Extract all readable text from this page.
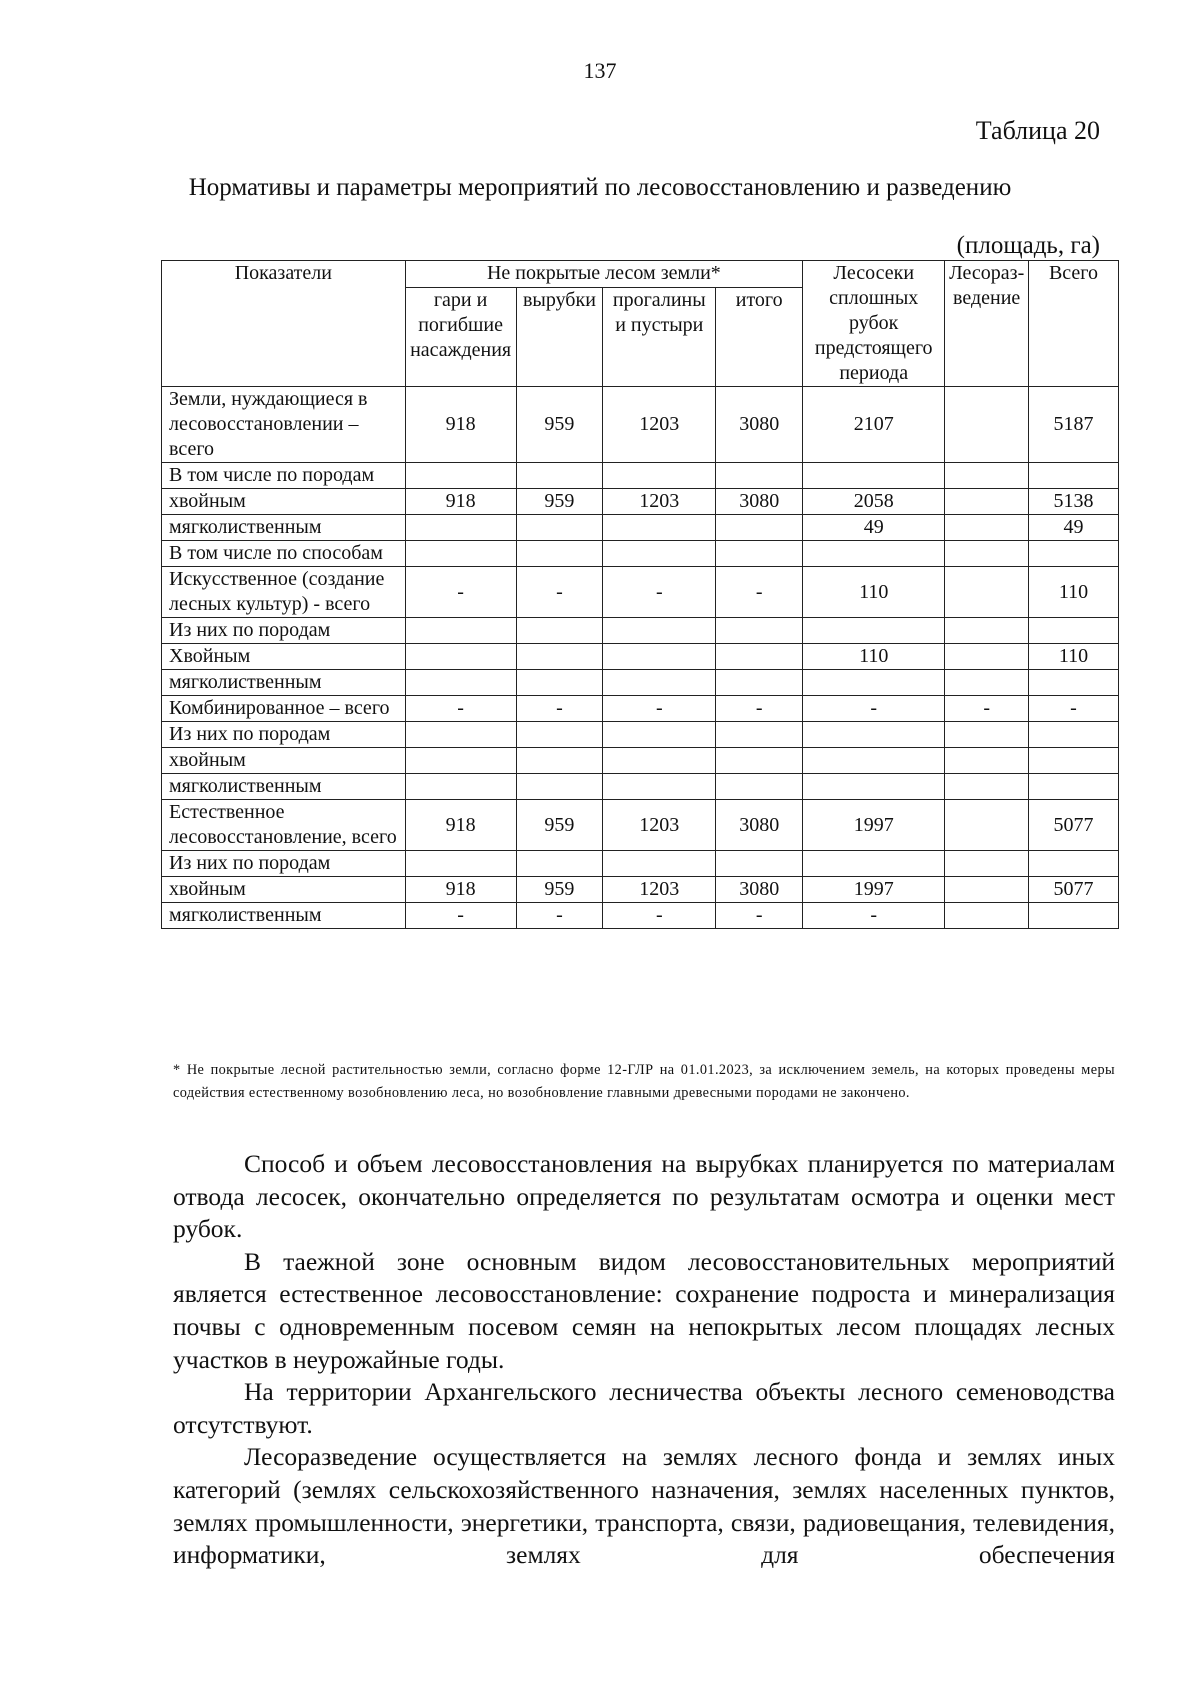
137
Таблица 20
Нормативы и параметры мероприятий по лесовосстановлению и разведению
(площадь, га)
Показатели	Не покрытые лесом земли*				Лесосеки сплошных рубок предстоящего периода	Лесораз-ведение	Всего
	гари и погибшие насаждения	вырубки	прогалины и пустыри	итого			
Земли, нуждающиеся в лесовосстановлении – всего	918	959	1203	3080	2107		5187
В том числе по породам							
хвойным	918	959	1203	3080	2058		5138
мягколиственным					49		49
В том числе по способам							
Искусственное (создание лесных культур) - всего	-	-	-	-	110		110
Из них по породам							
Хвойным					110		110
мягколиственным							
Комбинированное – всего	-	-	-	-	-	-	-
Из них по породам							
хвойным							
мягколиственным							
Естественное лесовосстановление, всего	918	959	1203	3080	1997		5077
Из них по породам							
хвойным	918	959	1203	3080	1997		5077
мягколиственным	-	-	-	-	-		
* Не покрытые лесной растительностью земли, согласно форме 12-ГЛР на 01.01.2023, за исключением земель, на которых проведены меры содействия естественному возобновлению леса, но возобновление главными древесными породами не закончено.

Способ и объем лесовосстановления на вырубках планируется по материалам отвода лесосек, окончательно определяется по результатам осмотра и оценки мест рубок.

В таежной зоне основным видом лесовосстановительных мероприятий является естественное лесовосстановление: сохранение подроста и минерализация почвы с одновременным посевом семян на непокрытых лесом площадях лесных участков в неурожайные годы.

На территории Архангельского лесничества объекты лесного семеноводства отсутствуют.

Лесоразведение осуществляется на землях лесного фонда и землях иных категорий (землях сельскохозяйственного назначения, землях населенных пунктов, землях промышленности, энергетики, транспорта, связи, радиовещания, телевидения, информатики, землях для обеспечения
